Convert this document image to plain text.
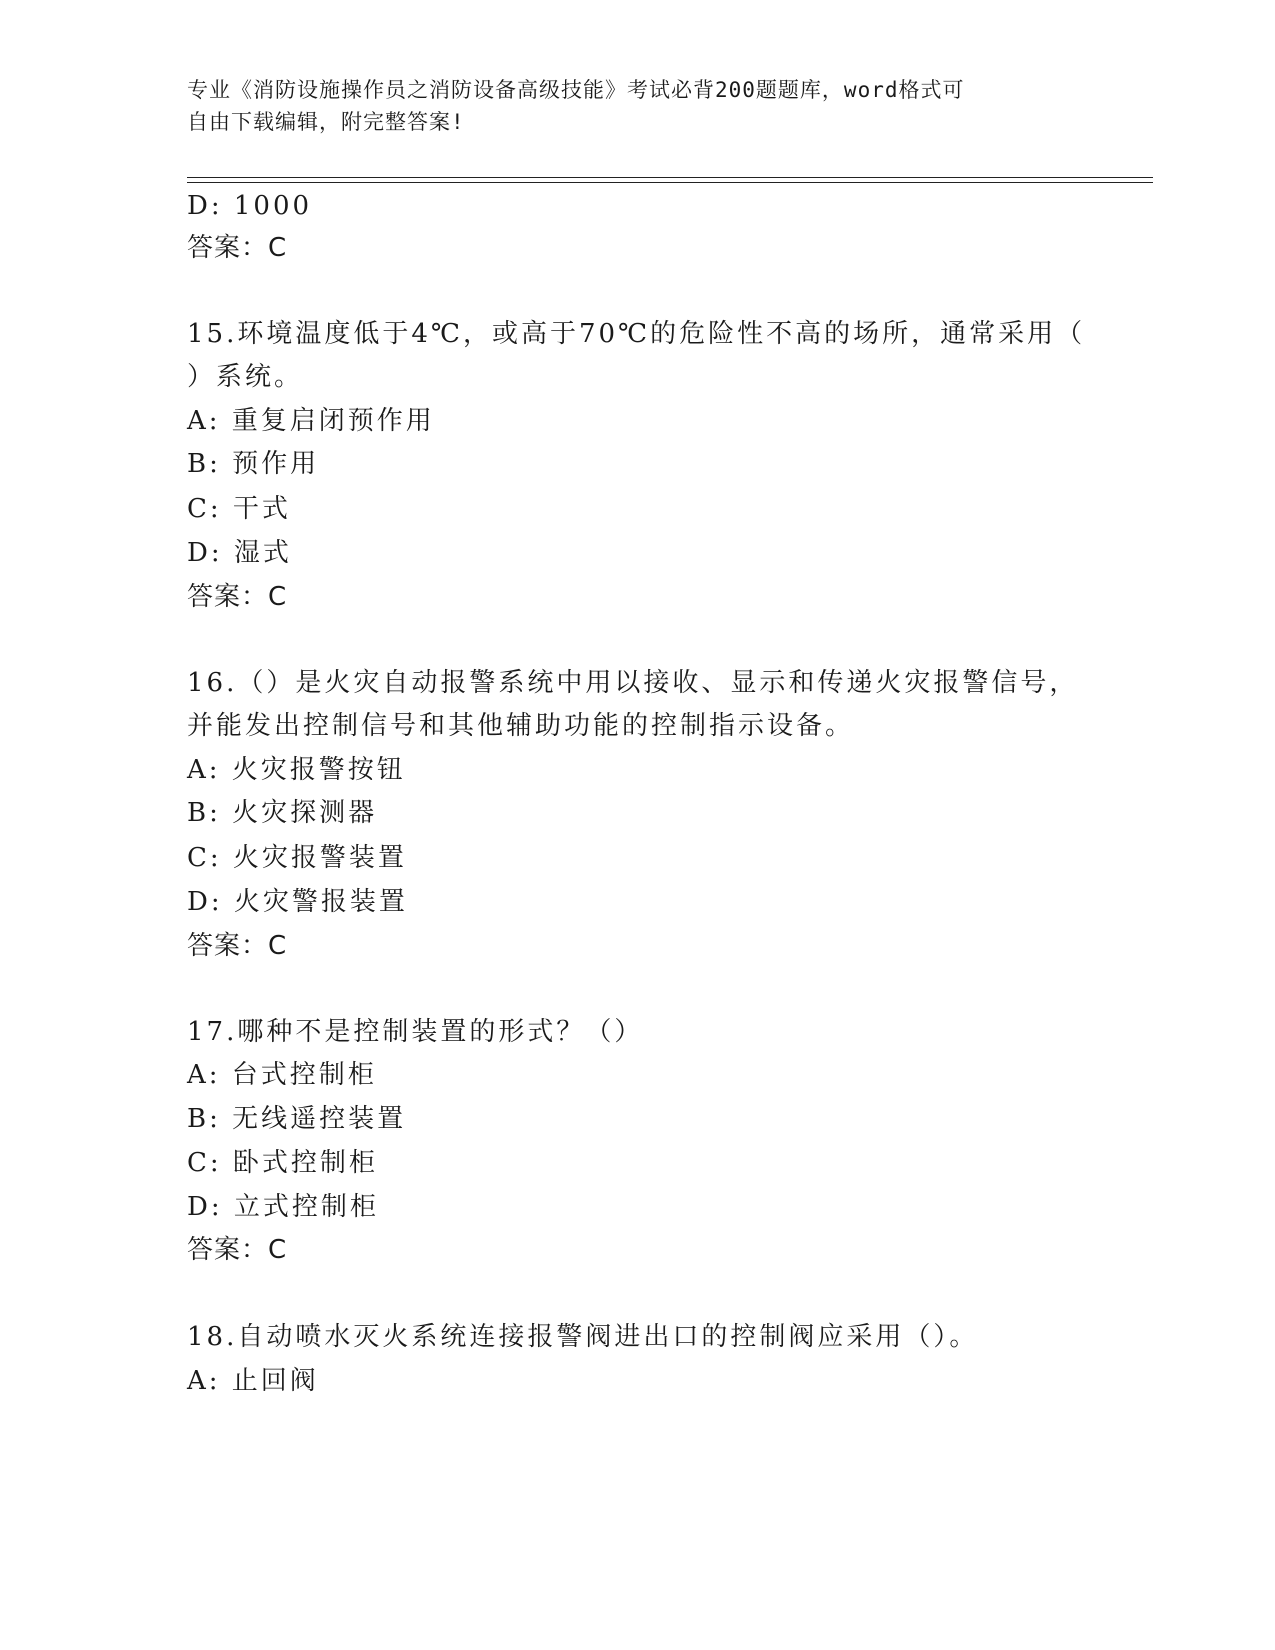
专业《消防设施操作员之消防设备高级技能》考试必背200题题库，word格式可
自由下载编辑，附完整答案!
D: 1000
答案：C
15.环境温度低于4℃，或高于70℃的危险性不高的场所，通常采用（
）系统。
A: 重复启闭预作用
B: 预作用
C: 干式
D: 湿式
答案：C
16.（）是火灾自动报警系统中用以接收、显示和传递火灾报警信号，
并能发出控制信号和其他辅助功能的控制指示设备。
A: 火灾报警按钮
B: 火灾探测器
C: 火灾报警装置
D: 火灾警报装置
答案：C
17.哪种不是控制装置的形式？（）
A: 台式控制柜
B: 无线遥控装置
C: 卧式控制柜
D: 立式控制柜
答案：C
18.自动喷水灭火系统连接报警阀进出口的控制阀应采用（）。
A: 止回阀
